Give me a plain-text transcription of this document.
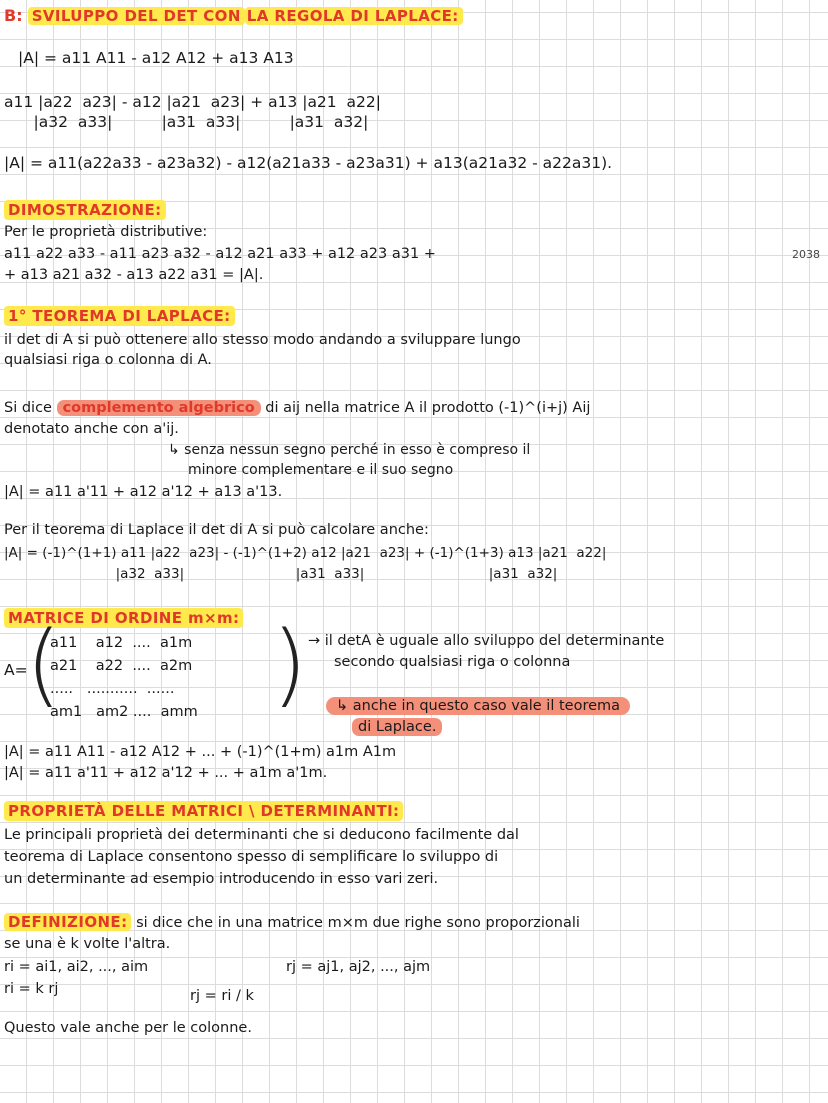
B: SVILUPPO DEL DET CON LA REGOLA DI LAPLACE:
|A| = a11 A11 - a12 A12 + a13 A13
a11 |a22  a23| - a12 |a21  a23| + a13 |a21  a22|
|a32  a33|          |a31  a33|          |a31  a32|
|A| = a11(a22a33 - a23a32) - a12(a21a33 - a23a31) + a13(a21a32 - a22a31).
DIMOSTRAZIONE:
Per le proprietà distributive:
a11 a22 a33 - a11 a23 a32 - a12 a21 a33 + a12 a23 a31 +	2038
+ a13 a21 a32 - a13 a22 a31 = |A|.
1° TEOREMA DI LAPLACE:
il det di A si può ottenere allo stesso modo andando a sviluppare lungo
qualsiasi riga o colonna di A.
Si dice complemento algebrico di aij nella matrice A il prodotto (-1)^(i+j) Aij
denotato anche con a'ij.
↳ senza nessun segno perché in esso è compreso il
minore complementare e il suo segno
|A| = a11 a'11 + a12 a'12 + a13 a'13.
Per il teorema di Laplace il det di A si può calcolare anche:
|A| = (-1)^(1+1) a11 |a22  a23| - (-1)^(1+2) a12 |a21  a23| + (-1)^(1+3) a13 |a21  a22|
|a32  a33|                          |a31  a33|                             |a31  a32|
MATRICE DI ORDINE m×m:
A=
( )
a11    a12  ....  a1m
a21    a22  ....  a2m
.....   ...........  ......
am1   am2 ....  amm
→ il detA è uguale allo sviluppo del determinante
secondo qualsiasi riga o colonna
↳ anche in questo caso vale il teorema
di Laplace.
|A| = a11 A11 - a12 A12 + ... + (-1)^(1+m) a1m A1m
|A| = a11 a'11 + a12 a'12 + ... + a1m a'1m.
PROPRIETÀ DELLE MATRICI \ DETERMINANTI:
Le principali proprietà dei determinanti che si deducono facilmente dal
teorema di Laplace consentono spesso di semplificare lo sviluppo di
un determinante ad esempio introducendo in esso vari zeri.
DEFINIZIONE: si dice che in una matrice m×m due righe sono proporzionali
se una è k volte l'altra.
ri = ai1, ai2, ..., aim	rj = aj1, aj2, ..., ajm
ri = k rj	rj = ri / k
Questo vale anche per le colonne.
